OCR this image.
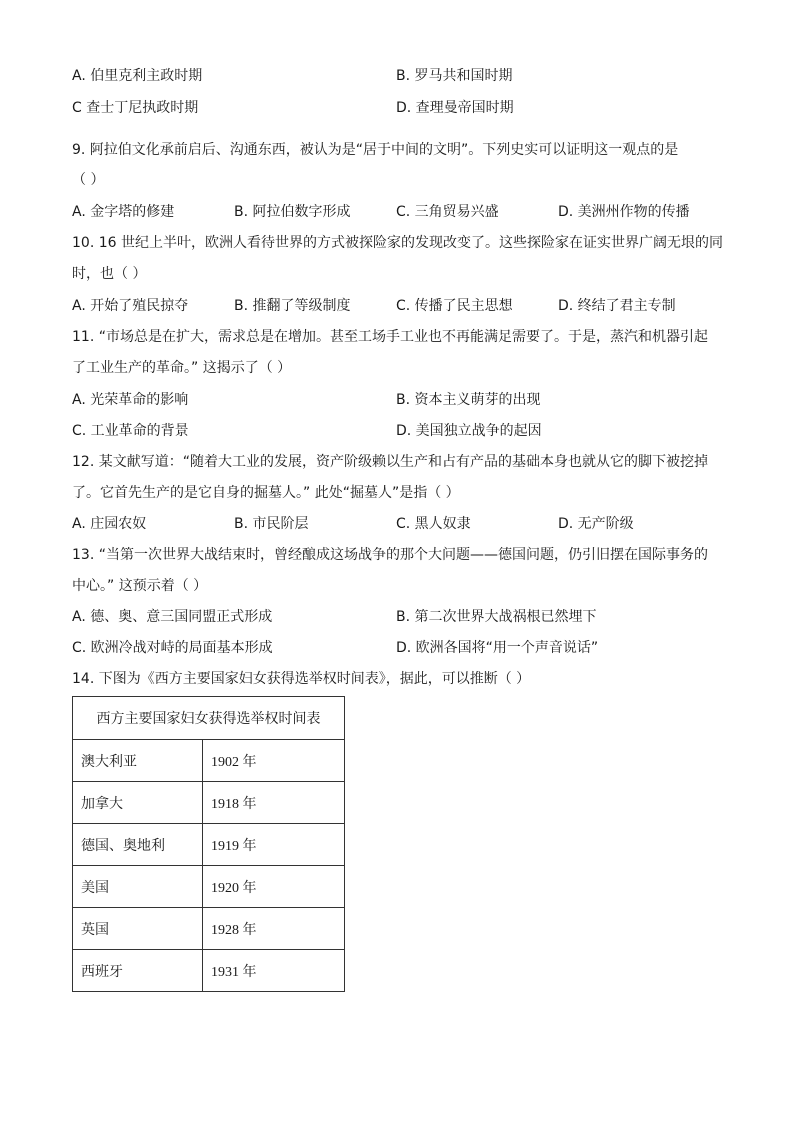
A. 伯里克利主政时期	B. 罗马共和国时期
C 查士丁尼执政时期	D. 查理曼帝国时期
9. 阿拉伯文化承前启后、沟通东西，被认为是“居于中间的文明”。下列史实可以证明这一观点的是
（ ）
A. 金字塔的修建	B. 阿拉伯数字形成	C. 三角贸易兴盛	D. 美洲州作物的传播
10. 16 世纪上半叶，欧洲人看待世界的方式被探险家的发现改变了。这些探险家在证实世界广阔无垠的同
时，也（ ）
A. 开始了殖民掠夺	B. 推翻了等级制度	C. 传播了民主思想	D. 终结了君主专制
11. “市场总是在扩大，需求总是在增加。甚至工场手工业也不再能满足需要了。于是，蒸汽和机器引起
了工业生产的革命。” 这揭示了（ ）
A. 光荣革命的影响	B. 资本主义萌芽的出现
C. 工业革命的背景	D. 美国独立战争的起因
12. 某文献写道：“随着大工业的发展，资产阶级赖以生产和占有产品的基础本身也就从它的脚下被挖掉
了。它首先生产的是它自身的掘墓人。” 此处“掘墓人”是指（ ）
A. 庄园农奴	B. 市民阶层	C. 黑人奴隶	D. 无产阶级
13. “当第一次世界大战结束时，曾经酿成这场战争的那个大问题——德国问题，仍引旧摆在国际事务的
中心。” 这预示着（ ）
A. 德、奥、意三国同盟正式形成	B. 第二次世界大战祸根已然埋下
C. 欧洲冷战对峙的局面基本形成	D. 欧洲各国将“用一个声音说话”
14. 下图为《西方主要国家妇女获得选举权时间表》，据此，可以推断（ ）
西方主要国家妇女获得选举权时间表	
澳大利亚	1902 年
加拿大	1918 年
德国、奥地利	1919 年
美国	1920 年
英国	1928 年
西班牙	1931 年
